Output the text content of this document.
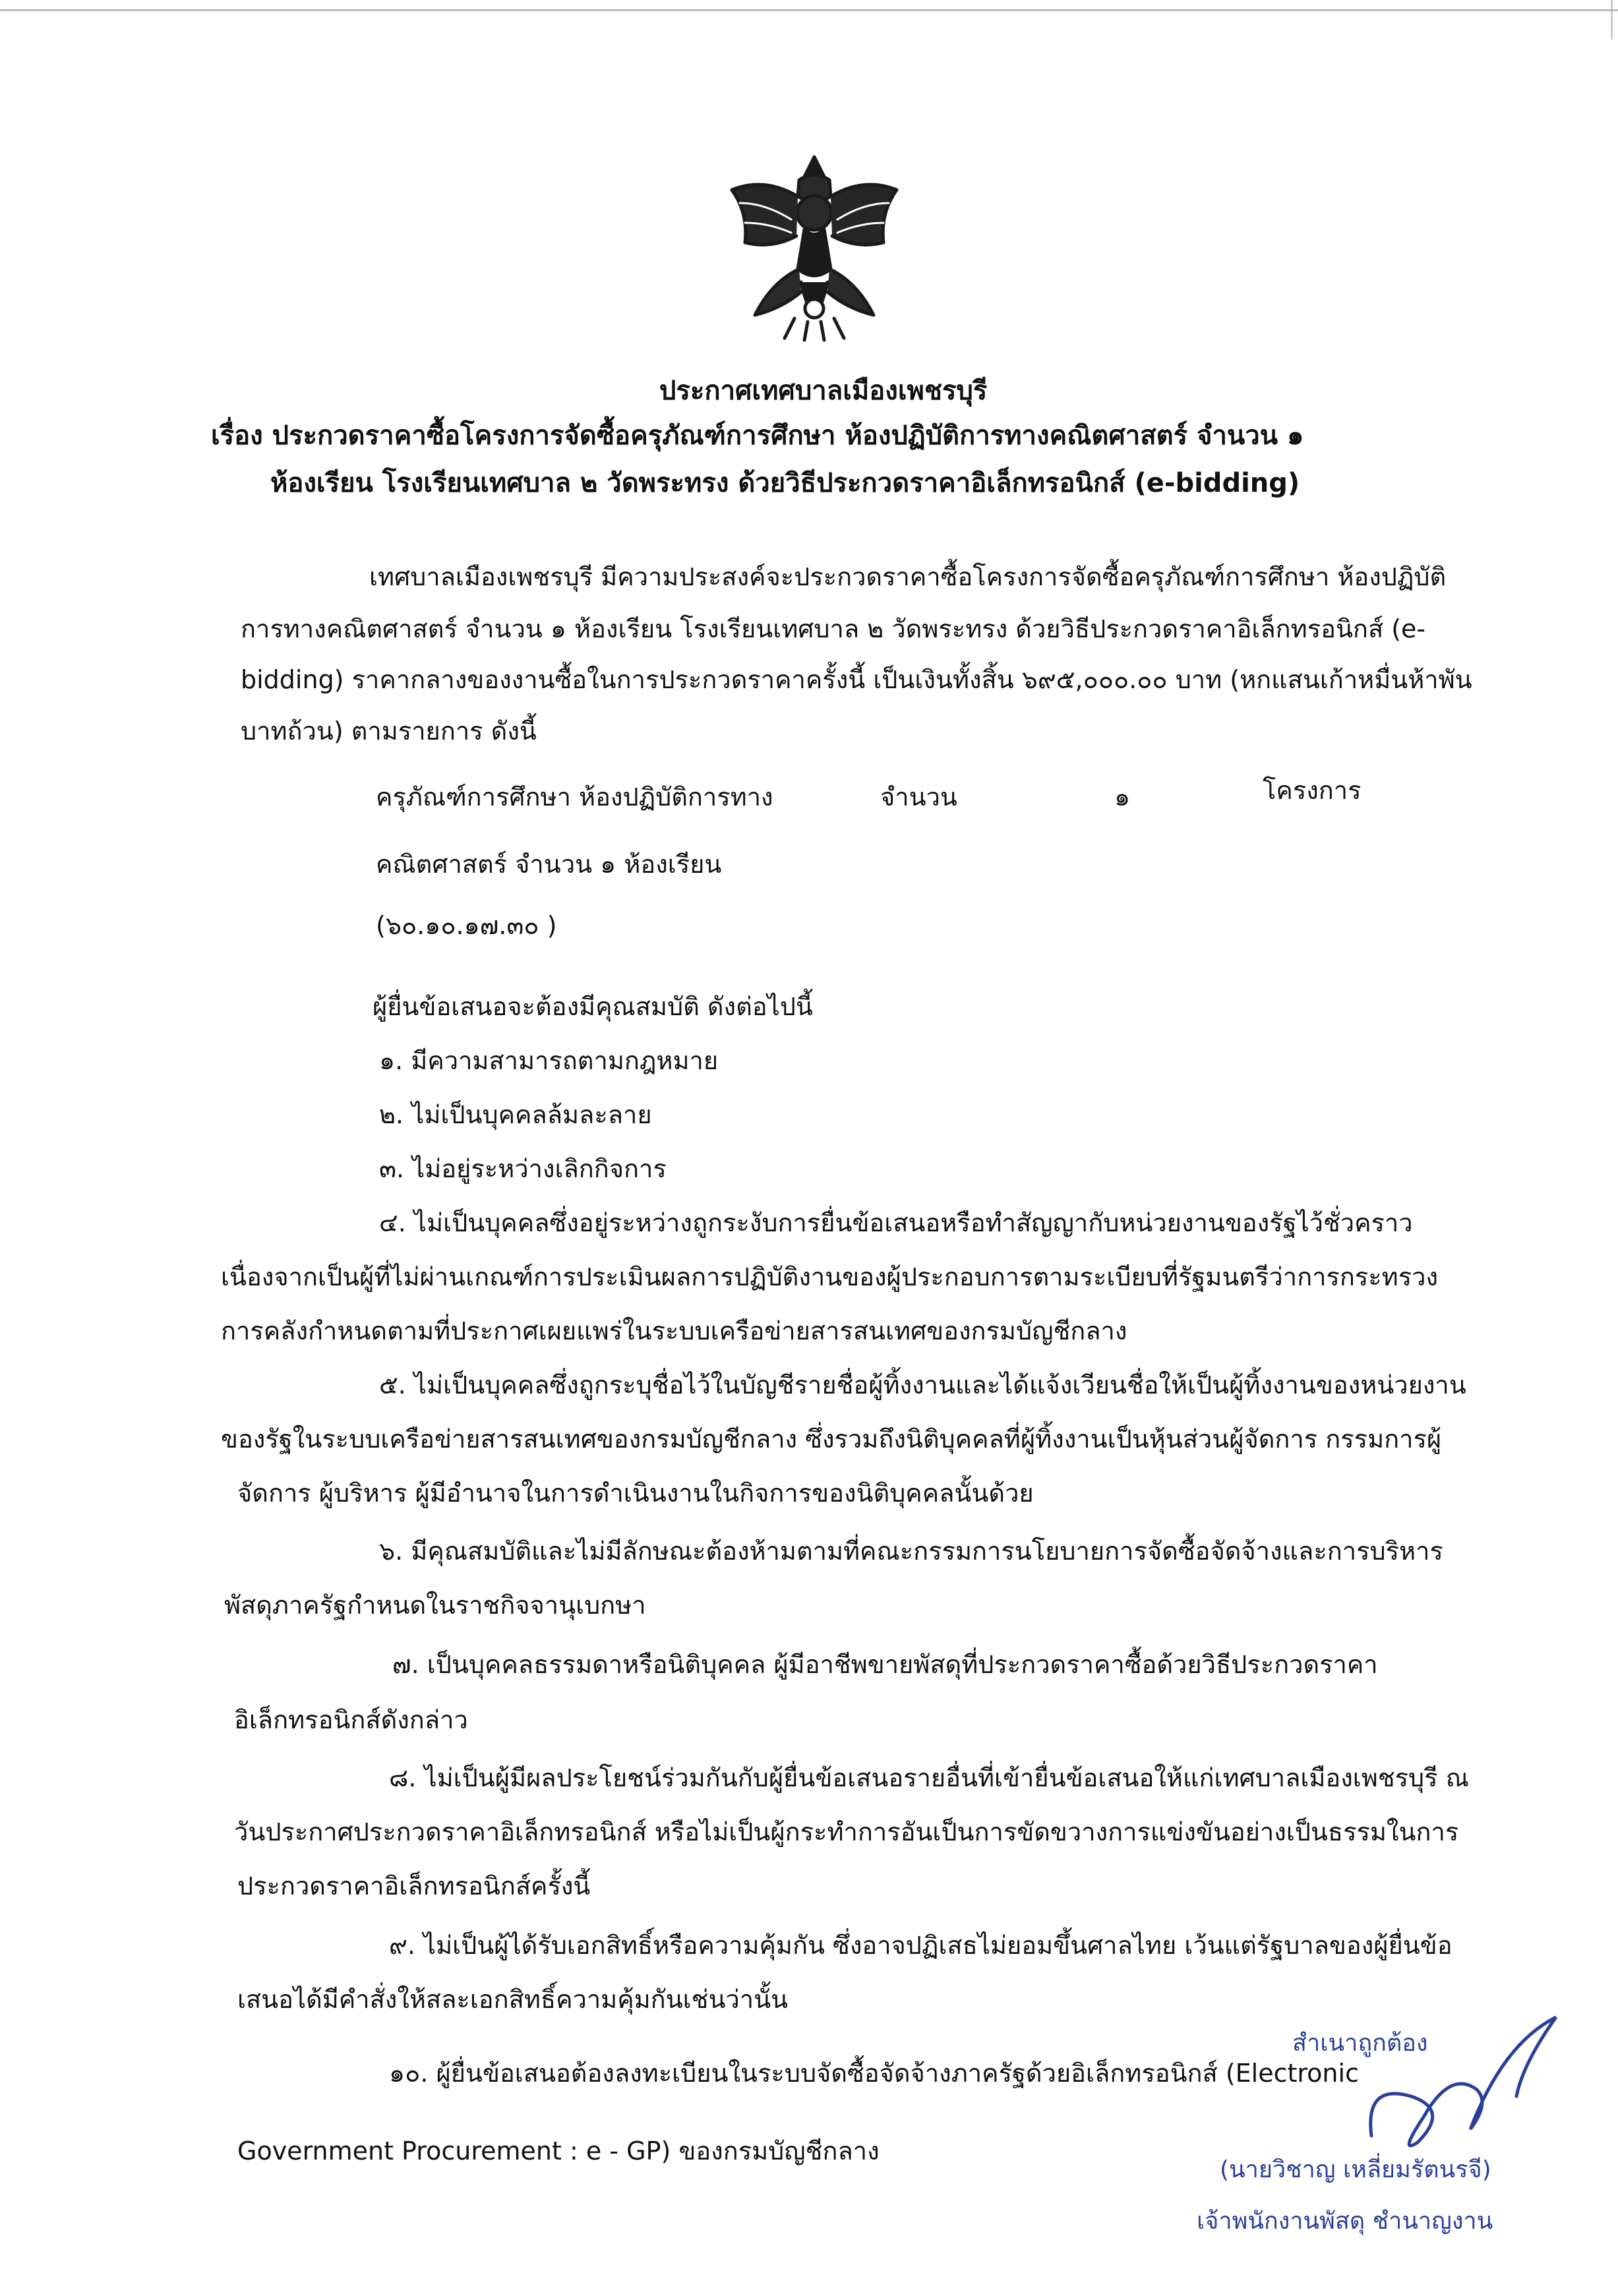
ประกาศเทศบาลเมืองเพชรบุรี
เรื่อง ประกวดราคาซื้อโครงการจัดซื้อครุภัณฑ์การศึกษา ห้องปฏิบัติการทางคณิตศาสตร์ จำนวน ๑
ห้องเรียน โรงเรียนเทศบาล ๒ วัดพระทรง ด้วยวิธีประกวดราคาอิเล็กทรอนิกส์ (e-bidding)
เทศบาลเมืองเพชรบุรี มีความประสงค์จะประกวดราคาซื้อโครงการจัดซื้อครุภัณฑ์การศึกษา ห้องปฏิบัติ
การทางคณิตศาสตร์ จำนวน ๑ ห้องเรียน โรงเรียนเทศบาล ๒ วัดพระทรง ด้วยวิธีประกวดราคาอิเล็กทรอนิกส์ (e-
bidding) ราคากลางของงานซื้อในการประกวดราคาครั้งนี้ เป็นเงินทั้งสิ้น ๖๙๕,๐๐๐.๐๐ บาท (หกแสนเก้าหมื่นห้าพัน
บาทถ้วน) ตามรายการ ดังนี้
ครุภัณฑ์การศึกษา ห้องปฏิบัติการทาง
คณิตศาสตร์ จำนวน ๑ ห้องเรียน
(๖๐.๑๐.๑๗.๓๐ )
จำนวน	๑	โครงการ
ผู้ยื่นข้อเสนอจะต้องมีคุณสมบัติ ดังต่อไปนี้
๑. มีความสามารถตามกฎหมาย
๒. ไม่เป็นบุคคลล้มละลาย
๓. ไม่อยู่ระหว่างเลิกกิจการ
๔. ไม่เป็นบุคคลซึ่งอยู่ระหว่างถูกระงับการยื่นข้อเสนอหรือทำสัญญากับหน่วยงานของรัฐไว้ชั่วคราว
เนื่องจากเป็นผู้ที่ไม่ผ่านเกณฑ์การประเมินผลการปฏิบัติงานของผู้ประกอบการตามระเบียบที่รัฐมนตรีว่าการกระทรวง
การคลังกำหนดตามที่ประกาศเผยแพร่ในระบบเครือข่ายสารสนเทศของกรมบัญชีกลาง
๕. ไม่เป็นบุคคลซึ่งถูกระบุชื่อไว้ในบัญชีรายชื่อผู้ทิ้งงานและได้แจ้งเวียนชื่อให้เป็นผู้ทิ้งงานของหน่วยงาน
ของรัฐในระบบเครือข่ายสารสนเทศของกรมบัญชีกลาง ซึ่งรวมถึงนิติบุคคลที่ผู้ทิ้งงานเป็นหุ้นส่วนผู้จัดการ กรรมการผู้
จัดการ ผู้บริหาร ผู้มีอำนาจในการดำเนินงานในกิจการของนิติบุคคลนั้นด้วย
๖. มีคุณสมบัติและไม่มีลักษณะต้องห้ามตามที่คณะกรรมการนโยบายการจัดซื้อจัดจ้างและการบริหาร
พัสดุภาครัฐกำหนดในราชกิจจานุเบกษา
๗. เป็นบุคคลธรรมดาหรือนิติบุคคล ผู้มีอาชีพขายพัสดุที่ประกวดราคาซื้อด้วยวิธีประกวดราคา
อิเล็กทรอนิกส์ดังกล่าว
๘. ไม่เป็นผู้มีผลประโยชน์ร่วมกันกับผู้ยื่นข้อเสนอรายอื่นที่เข้ายื่นข้อเสนอให้แก่เทศบาลเมืองเพชรบุรี ณ
วันประกาศประกวดราคาอิเล็กทรอนิกส์ หรือไม่เป็นผู้กระทำการอันเป็นการขัดขวางการแข่งขันอย่างเป็นธรรมในการ
ประกวดราคาอิเล็กทรอนิกส์ครั้งนี้
๙. ไม่เป็นผู้ได้รับเอกสิทธิ์หรือความคุ้มกัน ซึ่งอาจปฏิเสธไม่ยอมขึ้นศาลไทย เว้นแต่รัฐบาลของผู้ยื่นข้อ
เสนอได้มีคำสั่งให้สละเอกสิทธิ์ความคุ้มกันเช่นว่านั้น
๑๐. ผู้ยื่นข้อเสนอต้องลงทะเบียนในระบบจัดซื้อจัดจ้างภาครัฐด้วยอิเล็กทรอนิกส์ (Electronic
Government Procurement : e - GP) ของกรมบัญชีกลาง
สำเนาถูกต้อง
(นายวิชาญ เหลี่ยมรัตนรจี)
เจ้าพนักงานพัสดุ ชำนาญงาน
